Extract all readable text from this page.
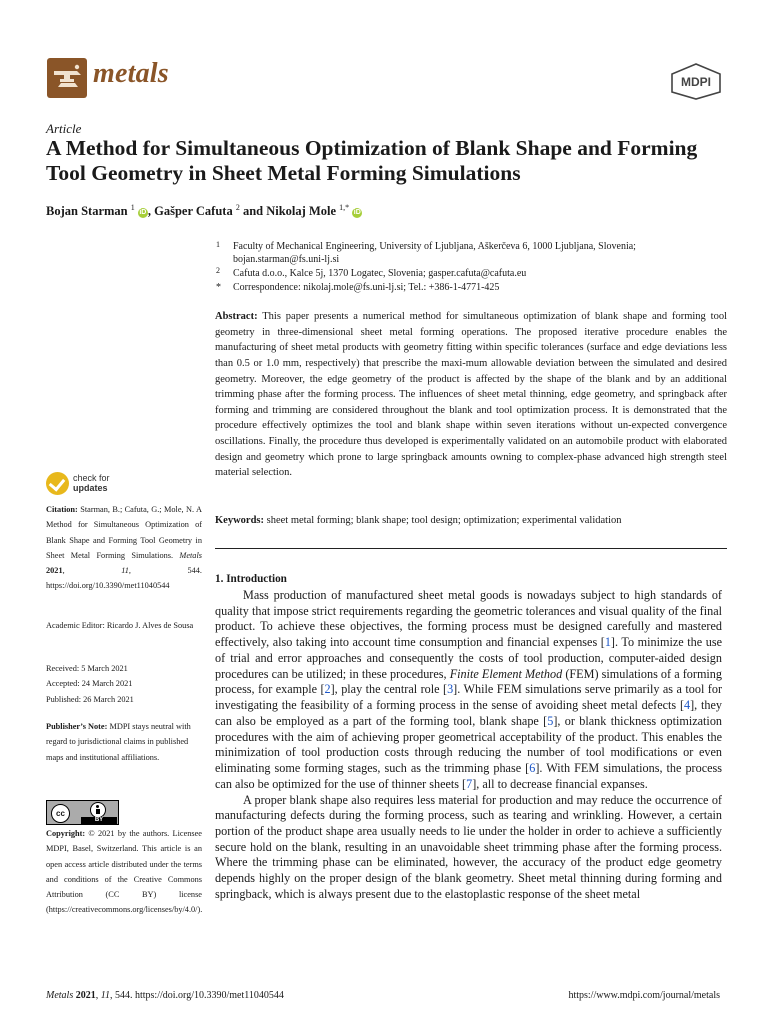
metals	MDPI
Article
A Method for Simultaneous Optimization of Blank Shape and Forming Tool Geometry in Sheet Metal Forming Simulations
Bojan Starman $^1$ iD , Gašper Cafuta $^2$ and Nikolaj Mole $^{1,*}$ iD
1 Faculty of Mechanical Engineering, University of Ljubljana, Aškerčeva 6, 1000 Ljubljana, Slovenia;
bojan.starman@fs.uni-lj.si
2 Cafuta d.o.o., Kalce 5j, 1370 Logatec, Slovenia; gasper.cafuta@cafuta.eu
* Correspondence: nikolaj.mole@fs.uni-lj.si; Tel.: +386-1-4771-425
Abstract: This paper presents a numerical method for simultaneous optimization of blank shape and forming tool geometry in three-dimensional sheet metal forming operations. The proposed iterative procedure enables the manufacturing of sheet metal products with geometry fitting within specific tolerances (surface and edge deviations less than 0.5 or 1.0 mm, respectively) that prescribe the maxi-mum allowable deviation between the simulated and desired geometry. Moreover, the edge geometry of the product is affected by the shape of the blank and by an additional trimming phase after the forming process. The influences of sheet metal thinning, edge geometry, and springback after forming and trimming are considered throughout the blank and tool optimization process. It is demonstrated that the procedure effectively optimizes the tool and blank shape within seven iterations without un-expected convergence oscillations. Finally, the procedure thus developed is experimentally validated on an automobile product with elaborated design and geometry which prone to large springback amounts owning to complex-phase advanced high strength steel material selection.
Keywords: sheet metal forming; blank shape; tool design; optimization; experimental validation
1. Introduction

Mass production of manufactured sheet metal goods is nowadays subject to high standards of quality that impose strict requirements regarding the geometric tolerances and visual quality of the final product. To achieve these objectives, the forming process must be designed carefully and mastered effectively, also taking into account time consumption and financial expenses [1]. To minimize the use of trial and error approaches and consequently the costs of tool production, computer-aided design procedures can be utilized; in these procedures, Finite Element Method (FEM) simulations of a forming process, for example [2], play the central role [3]. While FEM simulations serve primarily as a tool for investigating the feasibility of a forming process in the sense of avoiding sheet metal defects [4], they can also be employed as a part of the forming tool, blank shape [5], or blank thickness optimization procedures with the aim of achieving proper geometrical acceptability of the product. This enables the minimization of tool production costs through reducing the number of tool modifications or even eliminating some forming stages, such as the trimming phase [6]. With FEM simulations, the process can also be optimized for the use of thinner sheets [7], all to decrease financial expanses.

A proper blank shape also requires less material for production and may reduce the occurrence of manufacturing defects during the forming process, such as tearing and wrinkling. However, a certain portion of the product shape area usually needs to lie under the holder in order to achieve a sufficiently secure hold on the blank, resulting in an unavoidable sheet trimming phase after the forming process. Where the trimming phase can be eliminated, however, the accuracy of the product edge geometry depends highly on the proper design of the blank geometry. Sheet metal thinning during forming and springback, which is always present due to the elastoplastic response of the sheet metal

check for
updates
Citation: Starman, B.; Cafuta, G.; Mole, N. A Method for Simultaneous Optimization of Blank Shape and Forming Tool Geometry in Sheet Metal Forming Simulations. Metals 2021, 11, 544. https://doi.org/10.3390/met11040544
Academic Editor: Ricardo J. Alves de Sousa
Received: 5 March 2021
Accepted: 24 March 2021
Published: 26 March 2021
Publisher’s Note: MDPI stays neutral with regard to jurisdictional claims in published maps and institutional affiliations.
cc
BY
Copyright: © 2021 by the authors. Licensee MDPI, Basel, Switzerland. This article is an open access article distributed under the terms and conditions of the Creative Commons Attribution (CC BY) license (https://creativecommons.org/licenses/by/4.0/).
Metals 2021, 11, 544. https://doi.org/10.3390/met11040544	https://www.mdpi.com/journal/metals
